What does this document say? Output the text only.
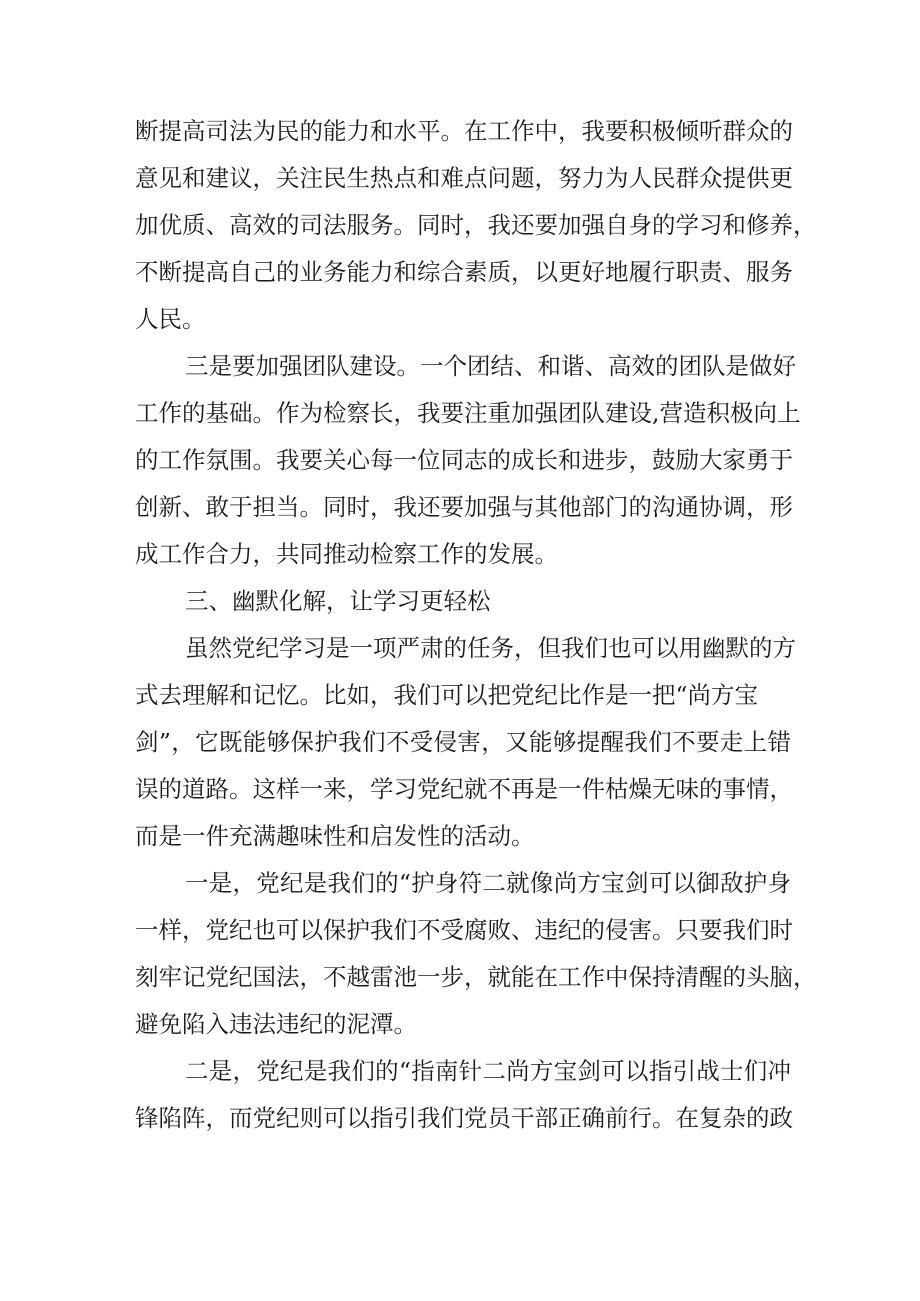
断提高司法为民的能力和水平。在工作中，我要积极倾听群众的
意见和建议，关注民生热点和难点问题，努力为人民群众提供更
加优质、高效的司法服务。同时，我还要加强自身的学习和修养，
不断提高自己的业务能力和综合素质，以更好地履行职责、服务
人民。
三是要加强团队建设。一个团结、和谐、高效的团队是做好
工作的基础。作为检察长，我要注重加强团队建设,营造积极向上
的工作氛围。我要关心每一位同志的成长和进步，鼓励大家勇于
创新、敢于担当。同时，我还要加强与其他部门的沟通协调，形
成工作合力，共同推动检察工作的发展。
三、幽默化解，让学习更轻松
虽然党纪学习是一项严肃的任务，但我们也可以用幽默的方
式去理解和记忆。比如，我们可以把党纪比作是一把“尚方宝
剑”，它既能够保护我们不受侵害，又能够提醒我们不要走上错
误的道路。这样一来，学习党纪就不再是一件枯燥无味的事情，
而是一件充满趣味性和启发性的活动。
一是，党纪是我们的“护身符二就像尚方宝剑可以御敌护身
一样，党纪也可以保护我们不受腐败、违纪的侵害。只要我们时
刻牢记党纪国法，不越雷池一步，就能在工作中保持清醒的头脑，
避免陷入违法违纪的泥潭。
二是，党纪是我们的“指南针二尚方宝剑可以指引战士们冲
锋陷阵，而党纪则可以指引我们党员干部正确前行。在复杂的政
